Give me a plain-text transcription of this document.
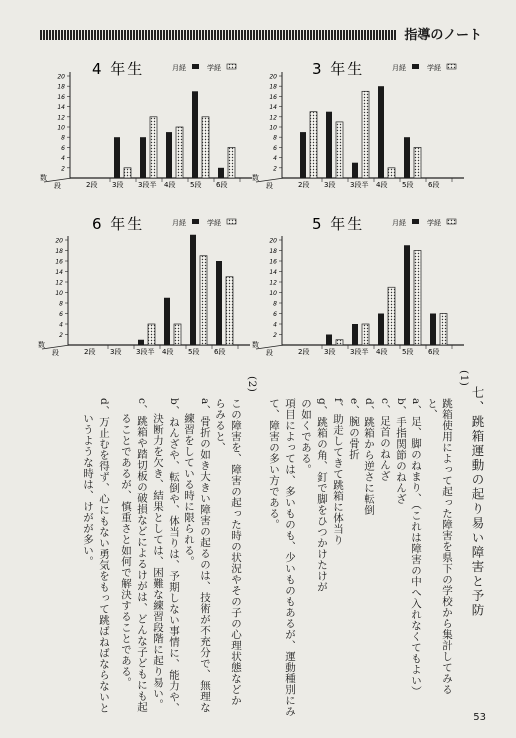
指導のノート
4 年生	月経	学経
数
段
20
18
16
14
12
10
8
6
4
2
2段 3段 3段半 4段 5段 6段
3 年生	月経	学経
数
段
20
18
16
14
12
10
8
6
4
2
2段 3段 3段半 4段 5段 6段
6 年生	月経	学経
数
段
20
18
16
14
12
10
8
6
4
2
2段 3段 3段半 4段 5段 6段
5 年生	月経	学経
数
段
20
18
16
14
12
10
8
6
4
2
2段 3段 3段半 4段 5段 6段
七、跳箱運動の起り易い障害と予防
(1)
跳箱使用によって起った障害を県下の学校から集計してみる
と、
a、足、脚のねまり、（これは障害の中へ入れなくてもよい）
b、手指関節のねんざ
c、足首のねんざ
d、跳箱から逆さに転倒
e、腕の骨折
f、助走してきて跳箱に体当り
g、跳箱の角、釘で脚をひつかけたけが
の如くである。
項目によっては、多いものも、少いものもあるが、運動種別にみ
て、障害の多い方である。
(2)
この障害を、障害の起った時の状況やその子の心理状態などか
らみると、
a、骨折の如き大きい障害の起るのは、技術が不充分で、無理な
練習をしている時に限られる。
b、ねんざや、転倒や、体当りは、予期しない事情に、能力や、
決断力を欠き、結果としては、困難な練習段階に起り易い。
c、跳箱や踏切板の破損などによるけがは、どんな子どもにも起
ることであるが、慎重さと如何で解決することである。
d、万止むを得ず、心にもない勇気をもって跳ばねばならないと
いうような時は、けがが多い。
53
